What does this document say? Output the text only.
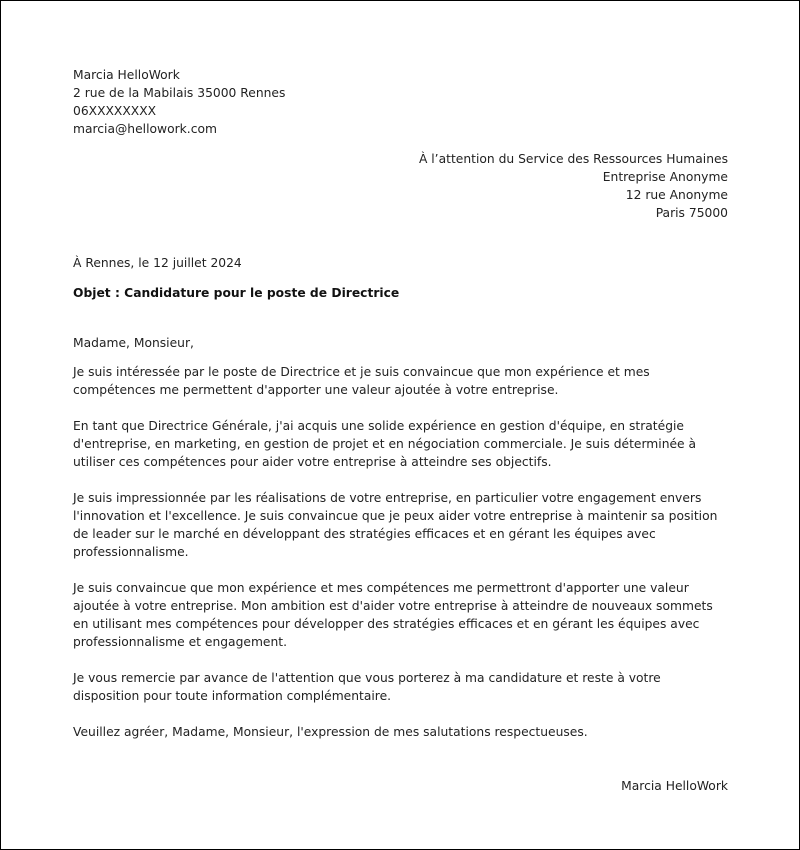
Marcia HelloWork
2 rue de la Mabilais 35000 Rennes
06XXXXXXXX
marcia@hellowork.com
À l’attention du Service des Ressources Humaines
Entreprise Anonyme
12 rue Anonyme
Paris 75000
À Rennes, le 12 juillet 2024
Objet : Candidature pour le poste de Directrice
Madame, Monsieur,
Je suis intéressée par le poste de Directrice et je suis convaincue que mon expérience et mes compétences me permettent d'apporter une valeur ajoutée à votre entreprise.
En tant que Directrice Générale, j'ai acquis une solide expérience en gestion d'équipe, en stratégie d'entreprise, en marketing, en gestion de projet et en négociation commerciale. Je suis déterminée à utiliser ces compétences pour aider votre entreprise à atteindre ses objectifs.
Je suis impressionnée par les réalisations de votre entreprise, en particulier votre engagement envers l'innovation et l'excellence. Je suis convaincue que je peux aider votre entreprise à maintenir sa position de leader sur le marché en développant des stratégies efficaces et en gérant les équipes avec professionnalisme.
Je suis convaincue que mon expérience et mes compétences me permettront d'apporter une valeur ajoutée à votre entreprise. Mon ambition est d'aider votre entreprise à atteindre de nouveaux sommets en utilisant mes compétences pour développer des stratégies efficaces et en gérant les équipes avec professionnalisme et engagement.
Je vous remercie par avance de l'attention que vous porterez à ma candidature et reste à votre disposition pour toute information complémentaire.
Veuillez agréer, Madame, Monsieur, l'expression de mes salutations respectueuses.
Marcia HelloWork
